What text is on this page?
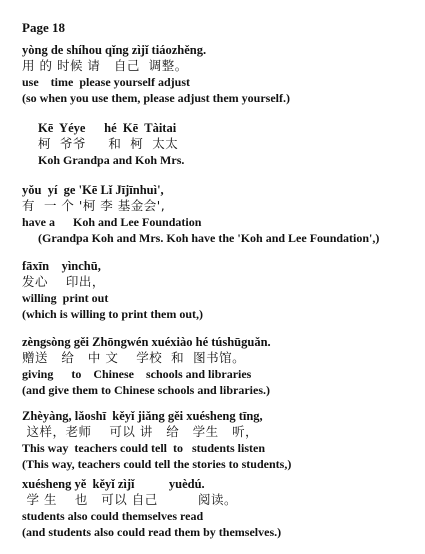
Page 18
yòng de shíhou qǐng zìjǐ tiáozhěng.
用 的 时候 请   自己  调整。
use    time  please yourself adjust
(so when you use them, please adjust them yourself.)
Kē  Yéye      hé  Kē  Tàitai
柯  爷爷     和  柯  太太
Koh Grandpa and Koh Mrs.
yǒu  yí  ge 'Kē Lǐ Jījīnhuì',
有  一 个 '柯 李 基金会',
have a      Koh and Lee Foundation
(Grandpa Koh and Mrs. Koh have the 'Koh and Lee Foundation',)
fāxīn    yìnchū,
发心    印出，
willing  print out
(which is willing to print them out,)
zèngsòng gěi Zhōngwén xuéxiào hé túshūguǎn.
赠送   给   中 文    学校  和  图书馆。
giving      to    Chinese    schools and libraries
(and give them to Chinese schools and libraries.)
Zhèyàng, lǎoshī  kěyǐ jiǎng gěi xuésheng tīng,
这样，老师    可以 讲   给   学生   听，
This way  teachers could tell  to   students listen
(This way, teachers could tell the stories to students,)
xuésheng yě  kěyǐ zìjǐ           yuèdú.
学 生    也   可以 自己         阅读。
students also could themselves read
(and students also could read them by themselves.)
